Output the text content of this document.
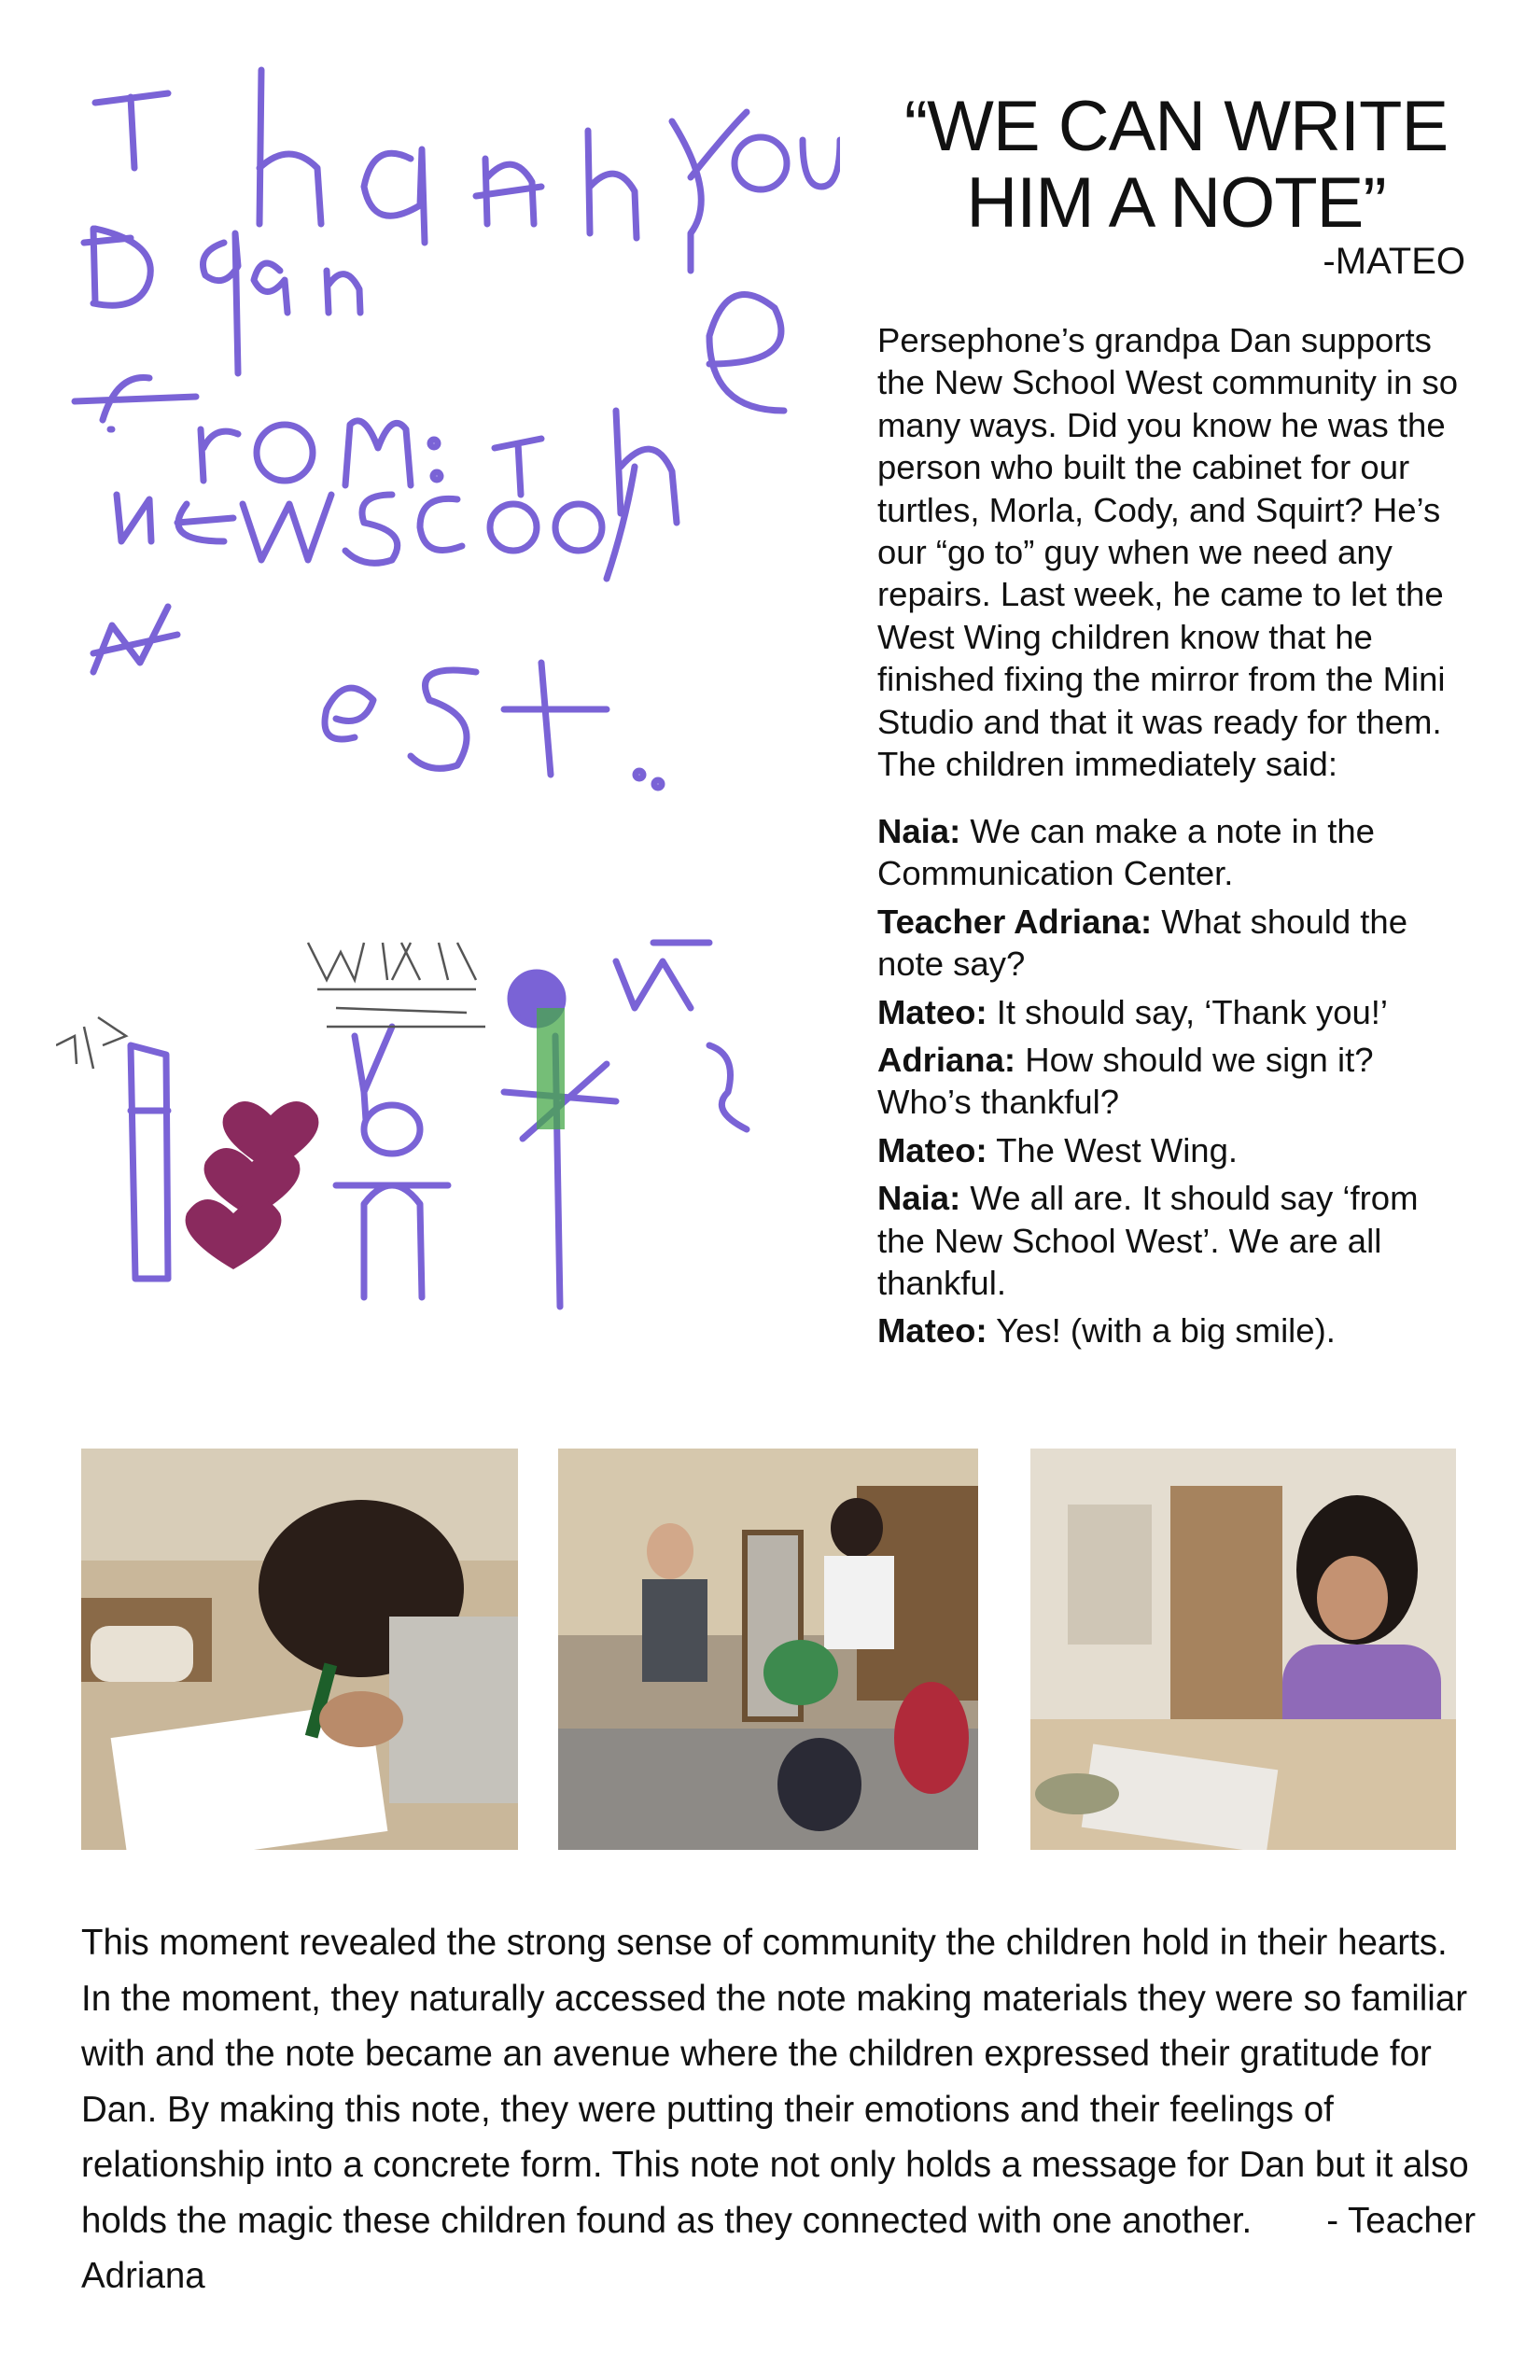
“WE CAN WRITE
HIM A NOTE”
-MATEO

Persephone’s grandpa Dan supports the New School West community in so many ways. Did you know he was the person who built the cabinet for our turtles, Morla, Cody, and Squirt? He’s our “go to” guy when we need any repairs. Last week, he came to let the West Wing children know that he finished fixing the mirror from the Mini Studio and that it was ready for them. The children immediately said:

Naia: We can make a note in the Communication Center.
Teacher Adriana: What should the note say?
Mateo: It should say, ‘Thank you!’
Adriana: How should we sign it? Who’s thankful?
Mateo: The West Wing.
Naia: We all are. It should say ‘from the New School West’. We are all thankful.
Mateo: Yes! (with a big smile).

This moment revealed the strong sense of community the children hold in their hearts. In the moment, they naturally accessed the note making materials they were so familiar with and the note became an avenue where the children expressed their gratitude for Dan. By making this note, they were putting their emotions and their feelings of relationship into a concrete form. This note not only holds a message for Dan but it also holds the magic these children found as they connected with one another. - Teacher Adriana
